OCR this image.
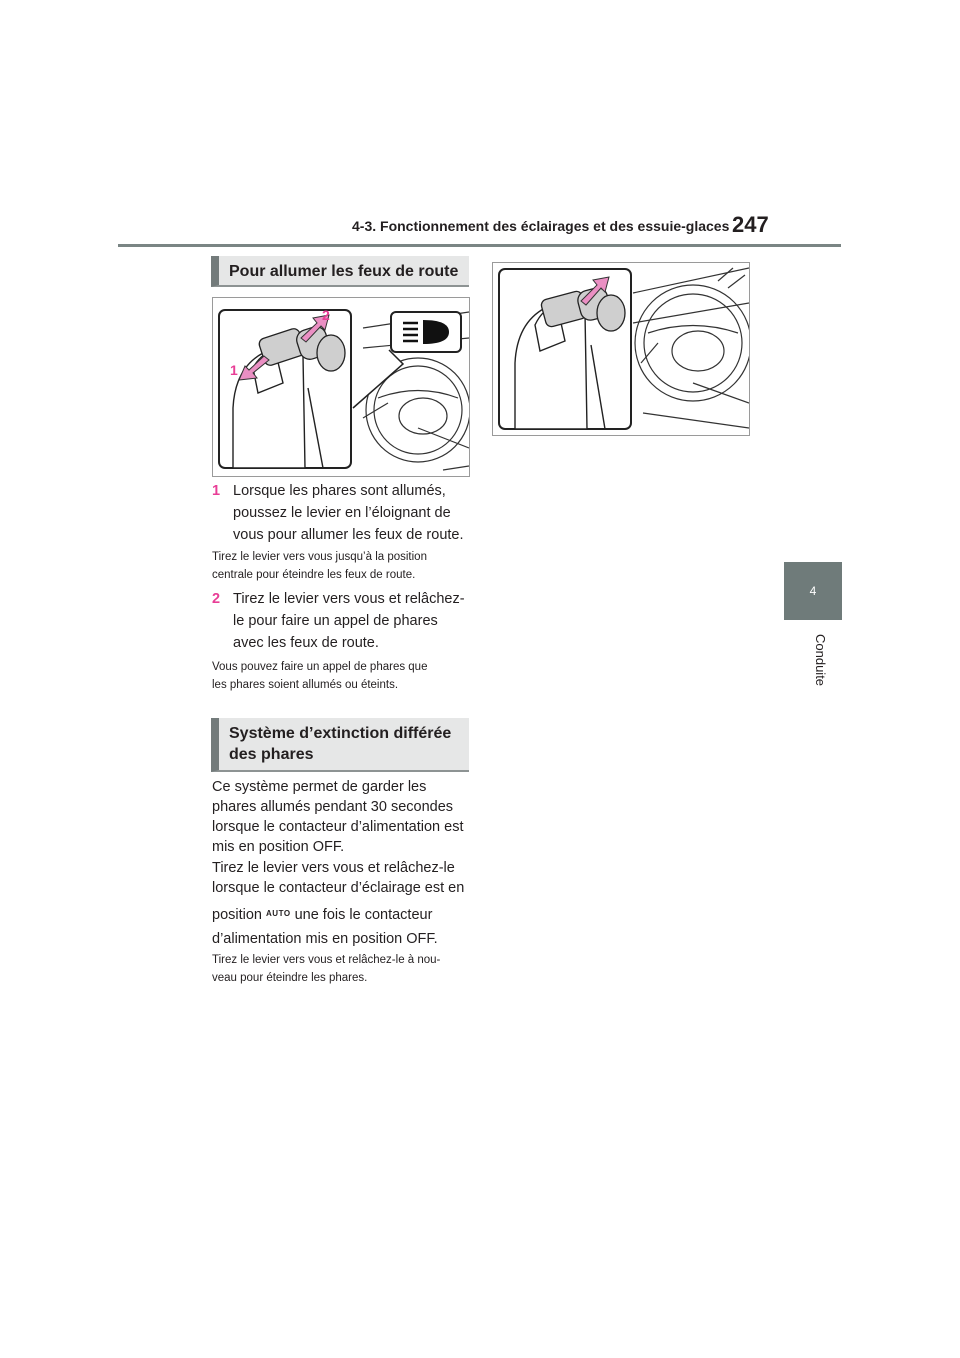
4-3. Fonctionnement des éclairages et des essuie-glaces 247
4
Conduite
Pour allumer les feux de route
2
1
1 Lorsque les phares sont allumés,
poussez le levier en l’éloignant de
vous pour allumer les feux de route.
Tirez le levier vers vous jusqu’à la position
centrale pour éteindre les feux de route.
2 Tirez le levier vers vous et relâchez-
le pour faire un appel de phares
avec les feux de route.
Vous pouvez faire un appel de phares que
les phares soient allumés ou éteints.
Système d’extinction différée
des phares
Ce système permet de garder les
phares allumés pendant 30 secondes
lorsque le contacteur d’alimentation est
mis en position OFF.
Tirez le levier vers vous et relâchez-le
lorsque le contacteur d’éclairage est en
position $^{AUTO}$ une fois le contacteur
d’alimentation mis en position OFF.
Tirez le levier vers vous et relâchez-le à nou-
veau pour éteindre les phares.
